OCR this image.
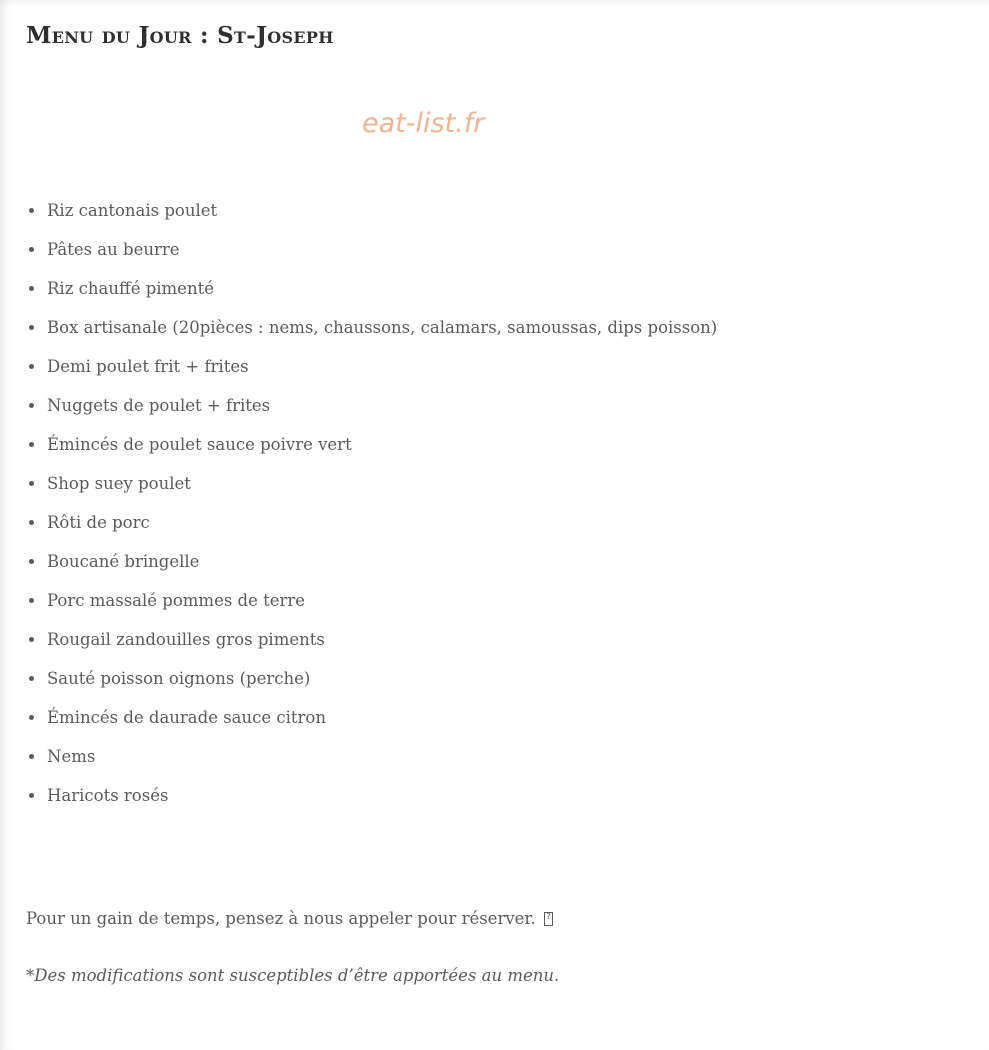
Menu du Jour : St-Joseph
eat-list.fr
Riz cantonais poulet
Pâtes au beurre
Riz chauffé pimenté
Box artisanale (20pièces : nems, chaussons, calamars, samoussas, dips poisson)
Demi poulet frit + frites
Nuggets de poulet + frites
Émincés de poulet sauce poivre vert
Shop suey poulet
Rôti de porc
Boucané bringelle
Porc massalé pommes de terre
Rougail zandouilles gros piments
Sauté poisson oignons (perche)
Émincés de daurade sauce citron
Nems
Haricots rosés

Pour un gain de temps, pensez à nous appeler pour réserver. ?

*Des modifications sont susceptibles d’être apportées au menu.
